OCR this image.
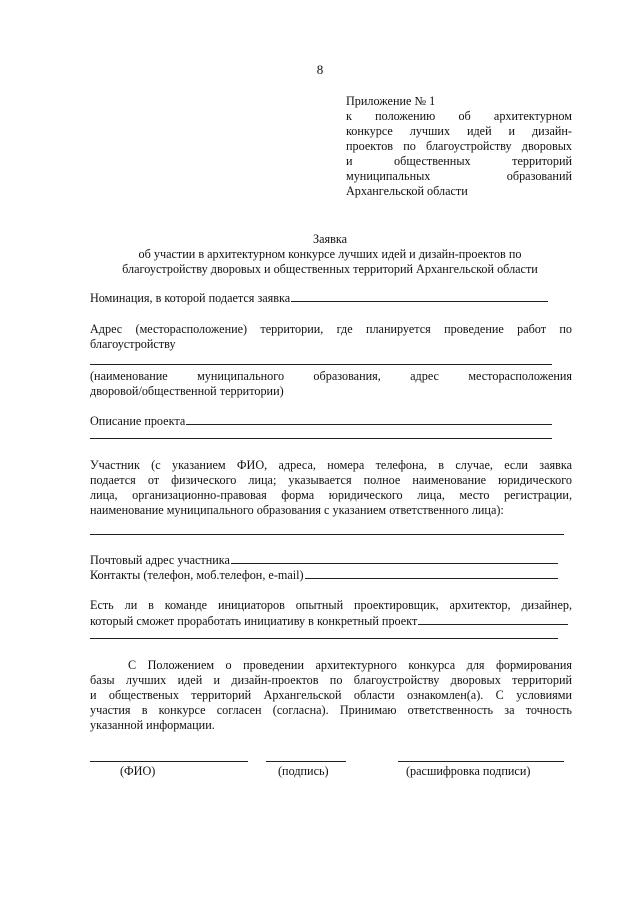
8
Приложение № 1
к положению об архитектурном
конкурсе лучших идей и дизайн-
проектов по благоустройству дворовых
и общественных территорий
муниципальных образований
Архангельской области
Заявка
об участии в архитектурном конкурсе лучших идей и дизайн-проектов по
благоустройству дворовых и общественных территорий Архангельской области
Номинация, в которой подается заявка
Адрес (месторасположение) территории, где планируется проведение работ по
благоустройству
(наименование муниципального образования, адрес месторасположения
дворовой/общественной территории)
Описание проекта
Участник (с указанием ФИО, адреса, номера телефона, в случае, если заявка
подается от физического лица; указывается полное наименование юридического
лица, организационно-правовая форма юридического лица, место регистрации,
наименование муниципального образования с указанием ответственного лица):
Почтовый адрес участника
Контакты (телефон, моб.телефон, e-mail)
Есть ли в команде инициаторов опытный проектировщик, архитектор, дизайнер,
который сможет проработать инициативу в конкретный проект
С Положением о проведении архитектурного конкурса для формирования
базы лучших идей и дизайн-проектов по благоустройству дворовых территорий
и общественых территорий Архангельской области ознакомлен(а). С условиями
участия в конкурсе согласен (согласна). Принимаю ответственность за точность
указанной информации.
(ФИО)	(подпись)	(расшифровка подписи)
